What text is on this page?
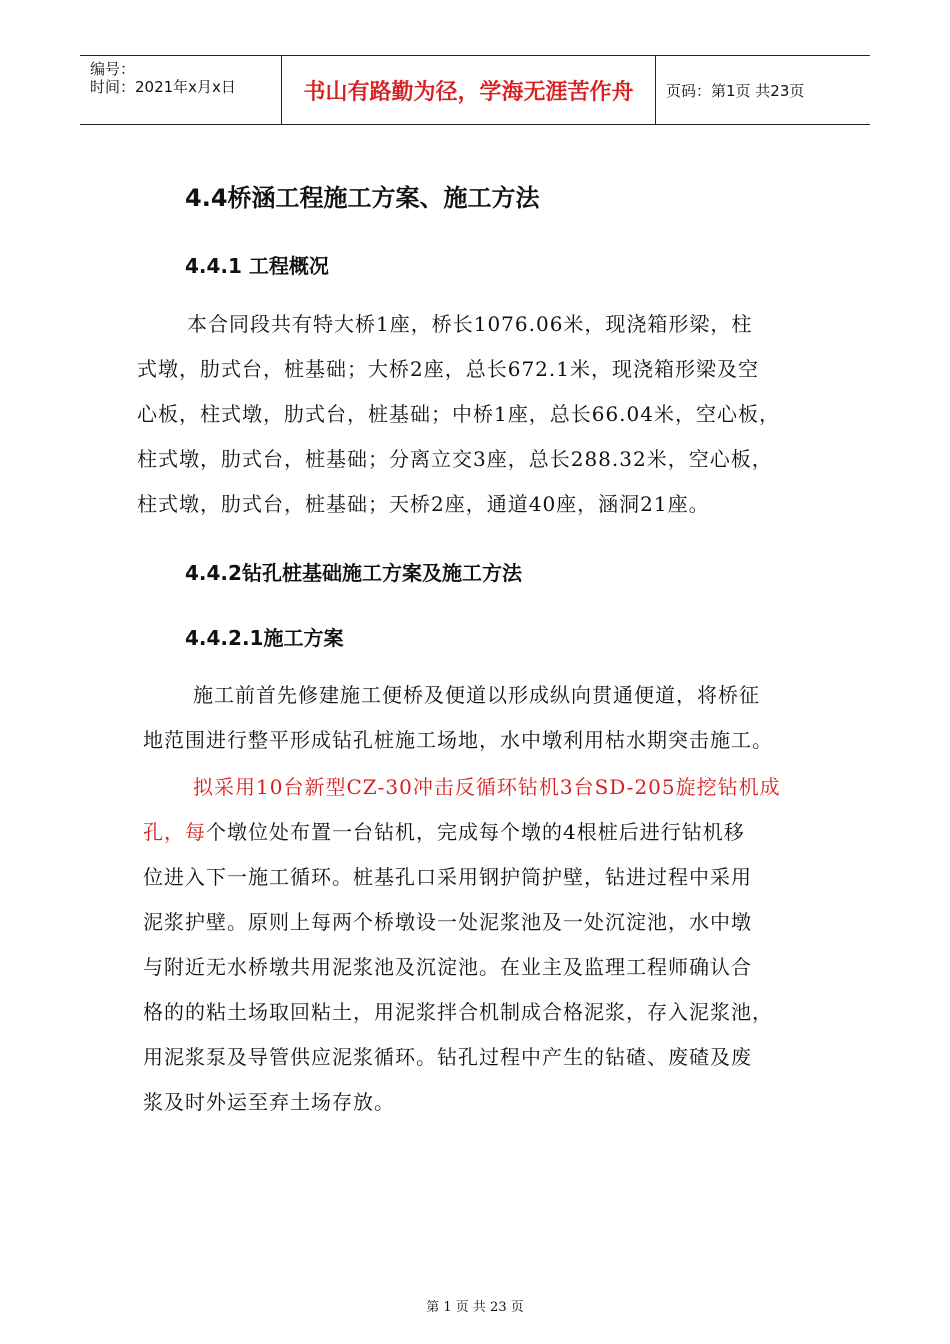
编号：
时间：2021年x月x日	书山有路勤为径，学海无涯苦作舟	页码：第1页 共23页
4.4桥涵工程施工方案、施工方法
4.4.1 工程概况
本合同段共有特大桥1座，桥长1076.06米，现浇箱形梁，柱
式墩，肋式台，桩基础；大桥2座，总长672.1米，现浇箱形梁及空
心板，柱式墩，肋式台，桩基础；中桥1座，总长66.04米，空心板，
柱式墩，肋式台，桩基础；分离立交3座，总长288.32米，空心板，
柱式墩，肋式台，桩基础；天桥2座，通道40座，涵洞21座。
4.4.2钻孔桩基础施工方案及施工方法
4.4.2.1施工方案
施工前首先修建施工便桥及便道以形成纵向贯通便道，将桥征
地范围进行整平形成钻孔桩施工场地，水中墩利用枯水期突击施工。
拟采用10台新型CZ-30冲击反循环钻机3台SD-205旋挖钻机成
孔，每个墩位处布置一台钻机，完成每个墩的4根桩后进行钻机移
位进入下一施工循环。桩基孔口采用钢护筒护壁，钻进过程中采用
泥浆护壁。原则上每两个桥墩设一处泥浆池及一处沉淀池，水中墩
与附近无水桥墩共用泥浆池及沉淀池。在业主及监理工程师确认合
格的的粘土场取回粘土，用泥浆拌合机制成合格泥浆，存入泥浆池，
用泥浆泵及导管供应泥浆循环。钻孔过程中产生的钻碴、废碴及废
浆及时外运至弃土场存放。
第 1 页 共 23 页
